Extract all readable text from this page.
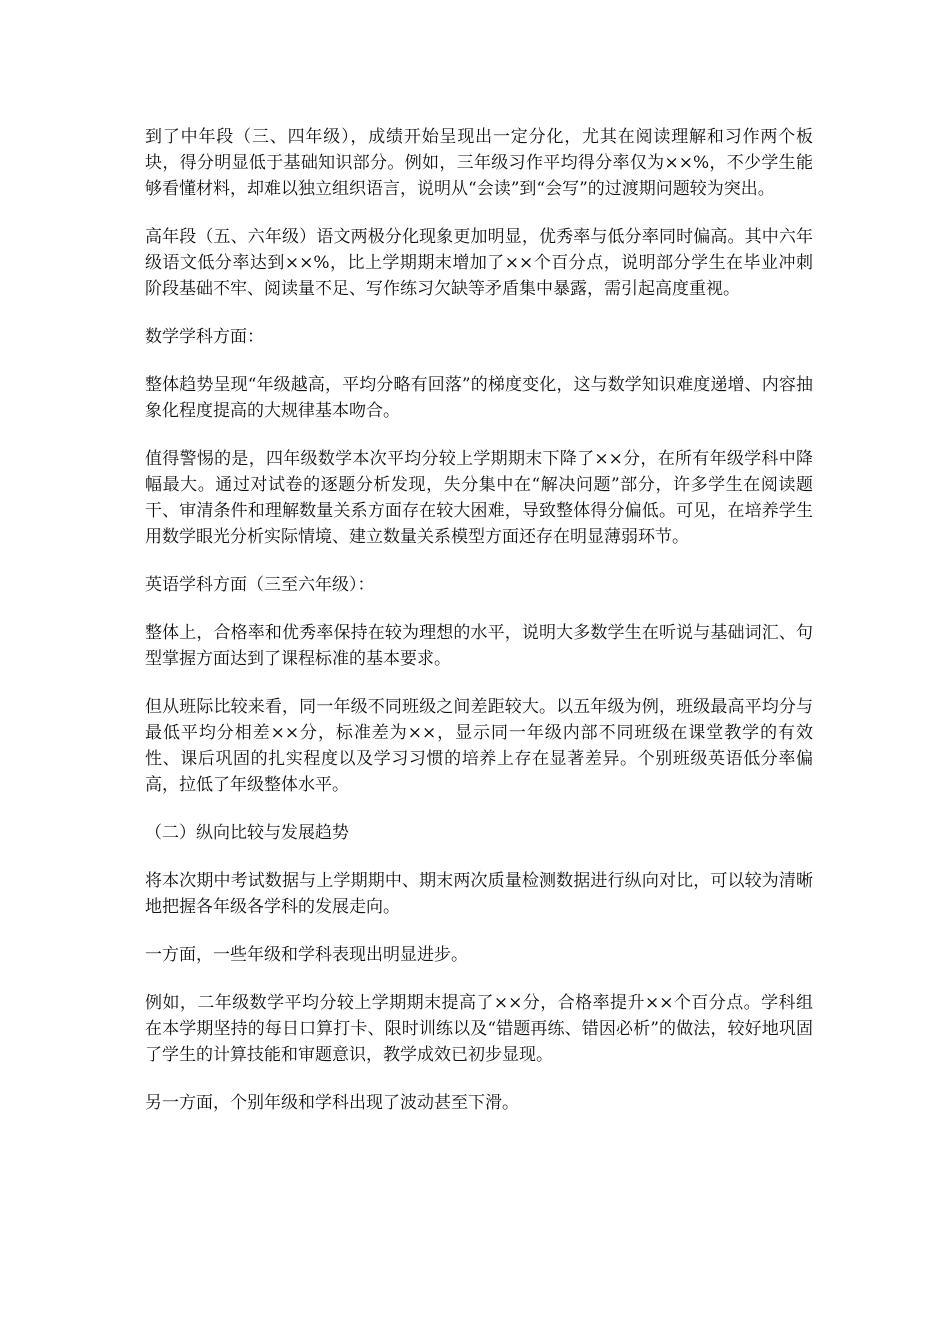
到了中年段（三、四年级），成绩开始呈现出一定分化，尤其在阅读理解和习作两个板块，得分明显低于基础知识部分。例如，三年级习作平均得分率仅为××%，不少学生能够看懂材料，却难以独立组织语言，说明从“会读”到“会写”的过渡期问题较为突出。

高年段（五、六年级）语文两极分化现象更加明显，优秀率与低分率同时偏高。其中六年级语文低分率达到××%，比上学期期末增加了××个百分点，说明部分学生在毕业冲刺阶段基础不牢、阅读量不足、写作练习欠缺等矛盾集中暴露，需引起高度重视。

数学学科方面：

整体趋势呈现“年级越高，平均分略有回落”的梯度变化，这与数学知识难度递增、内容抽象化程度提高的大规律基本吻合。

值得警惕的是，四年级数学本次平均分较上学期期末下降了××分，在所有年级学科中降幅最大。通过对试卷的逐题分析发现，失分集中在“解决问题”部分，许多学生在阅读题干、审清条件和理解数量关系方面存在较大困难，导致整体得分偏低。可见，在培养学生用数学眼光分析实际情境、建立数量关系模型方面还存在明显薄弱环节。

英语学科方面（三至六年级）：

整体上，合格率和优秀率保持在较为理想的水平，说明大多数学生在听说与基础词汇、句型掌握方面达到了课程标准的基本要求。

但从班际比较来看，同一年级不同班级之间差距较大。以五年级为例，班级最高平均分与最低平均分相差××分，标准差为××，显示同一年级内部不同班级在课堂教学的有效性、课后巩固的扎实程度以及学习习惯的培养上存在显著差异。个别班级英语低分率偏高，拉低了年级整体水平。

（二）纵向比较与发展趋势

将本次期中考试数据与上学期期中、期末两次质量检测数据进行纵向对比，可以较为清晰地把握各年级各学科的发展走向。

一方面，一些年级和学科表现出明显进步。

例如，二年级数学平均分较上学期期末提高了××分，合格率提升××个百分点。学科组在本学期坚持的每日口算打卡、限时训练以及“错题再练、错因必析”的做法，较好地巩固了学生的计算技能和审题意识，教学成效已初步显现。

另一方面，个别年级和学科出现了波动甚至下滑。
